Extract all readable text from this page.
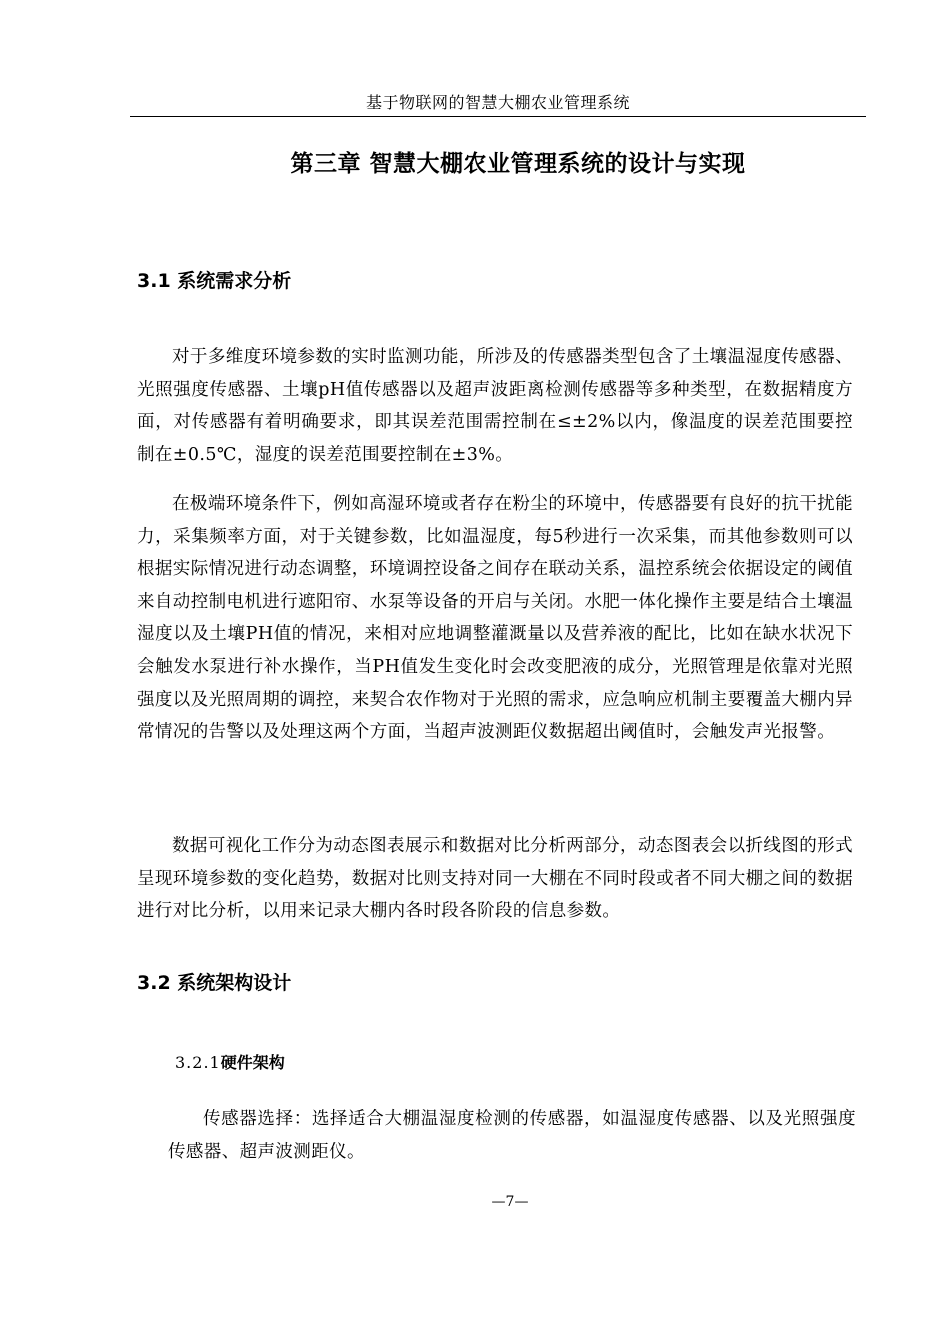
基于物联网的智慧大棚农业管理系统
第三章 智慧大棚农业管理系统的设计与实现
3.1 系统需求分析

对于多维度环境参数的实时监测功能，所涉及的传感器类型包含了土壤温湿度传感器、光照强度传感器、土壤pH值传感器以及超声波距离检测传感器等多种类型，在数据精度方面，对传感器有着明确要求，即其误差范围需控制在≤±2%以内，像温度的误差范围要控制在±0.5℃，湿度的误差范围要控制在±3%。

在极端环境条件下，例如高湿环境或者存在粉尘的环境中，传感器要有良好的抗干扰能力，采集频率方面，对于关键参数，比如温湿度，每5秒进行一次采集，而其他参数则可以根据实际情况进行动态调整，环境调控设备之间存在联动关系，温控系统会依据设定的阈值来自动控制电机进行遮阳帘、水泵等设备的开启与关闭。水肥一体化操作主要是结合土壤温湿度以及土壤PH值的情况，来相对应地调整灌溉量以及营养液的配比，比如在缺水状况下会触发水泵进行补水操作，当PH值发生变化时会改变肥液的成分，光照管理是依靠对光照强度以及光照周期的调控，来契合农作物对于光照的需求，应急响应机制主要覆盖大棚内异常情况的告警以及处理这两个方面，当超声波测距仪数据超出阈值时，会触发声光报警。

数据可视化工作分为动态图表展示和数据对比分析两部分，动态图表会以折线图的形式呈现环境参数的变化趋势，数据对比则支持对同一大棚在不同时段或者不同大棚之间的数据进行对比分析，以用来记录大棚内各时段各阶段的信息参数。

3.2 系统架构设计
3.2.1硬件架构

传感器选择：选择适合大棚温湿度检测的传感器，如温湿度传感器、以及光照强度传感器、超声波测距仪。

—7—
